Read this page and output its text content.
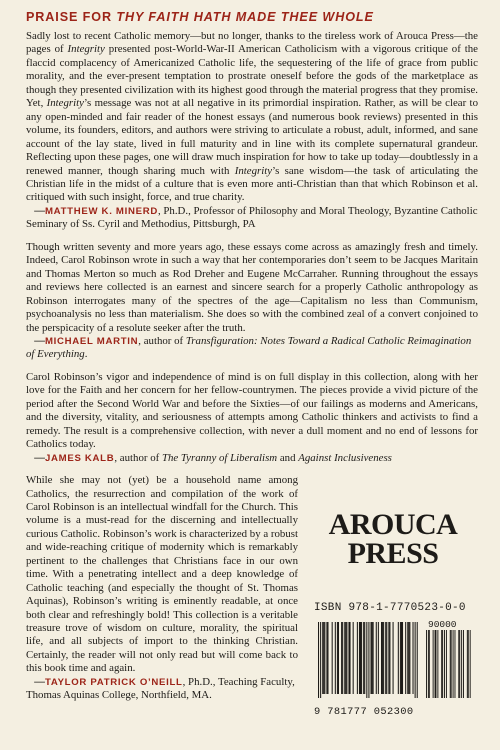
PRAISE FOR THY FAITH HATH MADE THEE WHOLE

Sadly lost to recent Catholic memory—but no longer, thanks to the tireless work of Arouca Press—the pages of Integrity presented post-World-War-II American Catholicism with a vigorous critique of the flaccid complacency of Americanized Catholic life, the sequestering of the life of grace from public morality, and the ever-present temptation to prostrate oneself before the gods of the marketplace as though they presented civilization with its highest good through the material progress that they promise. Yet, Integrity’s message was not at all negative in its primordial inspiration. Rather, as will be clear to any open-minded and fair reader of the honest essays (and numerous book reviews) presented in this volume, its founders, editors, and authors were striving to articulate a robust, adult, informed, and sane account of the lay state, lived in full maturity and in line with its complete supernatural grandeur. Reflecting upon these pages, one will draw much inspiration for how to take up today—doubtlessly in a renewed manner, though sharing much with Integrity’s sane wisdom—the task of articulating the Christian life in the midst of a culture that is even more anti-Christian than that which Robinson et al. critiqued with such insight, force, and true charity.

—MATTHEW K. MINERD, Ph.D., Professor of Philosophy and Moral Theology, Byzantine Catholic Seminary of Ss. Cyril and Methodius, Pittsburgh, PA

Though written seventy and more years ago, these essays come across as amazingly fresh and timely. Indeed, Carol Robinson wrote in such a way that her contemporaries don’t seem to be Jacques Maritain and Thomas Merton so much as Rod Dreher and Eugene McCarraher. Running throughout the essays and reviews here collected is an earnest and sincere search for a properly Catholic anthropology as Robinson interrogates many of the spectres of the age—Capitalism no less than Communism, psychoanalysis no less than materialism. She does so with the combined zeal of a convert conjoined to the perspicacity of a resolute seeker after the truth.

—MICHAEL MARTIN, author of Transfiguration: Notes Toward a Radical Catholic Reimagination of Everything.

Carol Robinson’s vigor and independence of mind is on full display in this collection, along with her love for the Faith and her concern for her fellow-countrymen. The pieces provide a vivid picture of the period after the Second World War and before the Sixties—of our failings as moderns and Americans, and the diversity, vitality, and seriousness of attempts among Catholic thinkers and activists to find a remedy. The result is a comprehensive collection, with never a dull moment and no end of lessons for Catholics today.

—JAMES KALB, author of The Tyranny of Liberalism and Against Inclusiveness
AROUCA
PRESS
ISBN 978-1-7770523-0-0
90000
9 781777 052300

While she may not (yet) be a household name among Catholics, the resurrection and compilation of the work of Carol Robinson is an intellectual windfall for the Church. This volume is a must-read for the discerning and intellectually curious Catholic. Robinson’s work is characterized by a robust and wide-reaching critique of modernity which is remarkably pertinent to the challenges that Christians face in our own time. With a penetrating intellect and a deep knowledge of Catholic teaching (and especially the thought of St. Thomas Aquinas), Robinson’s writing is eminently readable, at once both clear and refreshingly bold! This collection is a veritable treasure trove of wisdom on culture, morality, the spiritual life, and all subjects of import to the thinking Christian. Certainly, the reader will not only read but will come back to this book time and again.

—TAYLOR PATRICK O’NEILL, Ph.D., Teaching Faculty, Thomas Aquinas College, Northfield, MA.
